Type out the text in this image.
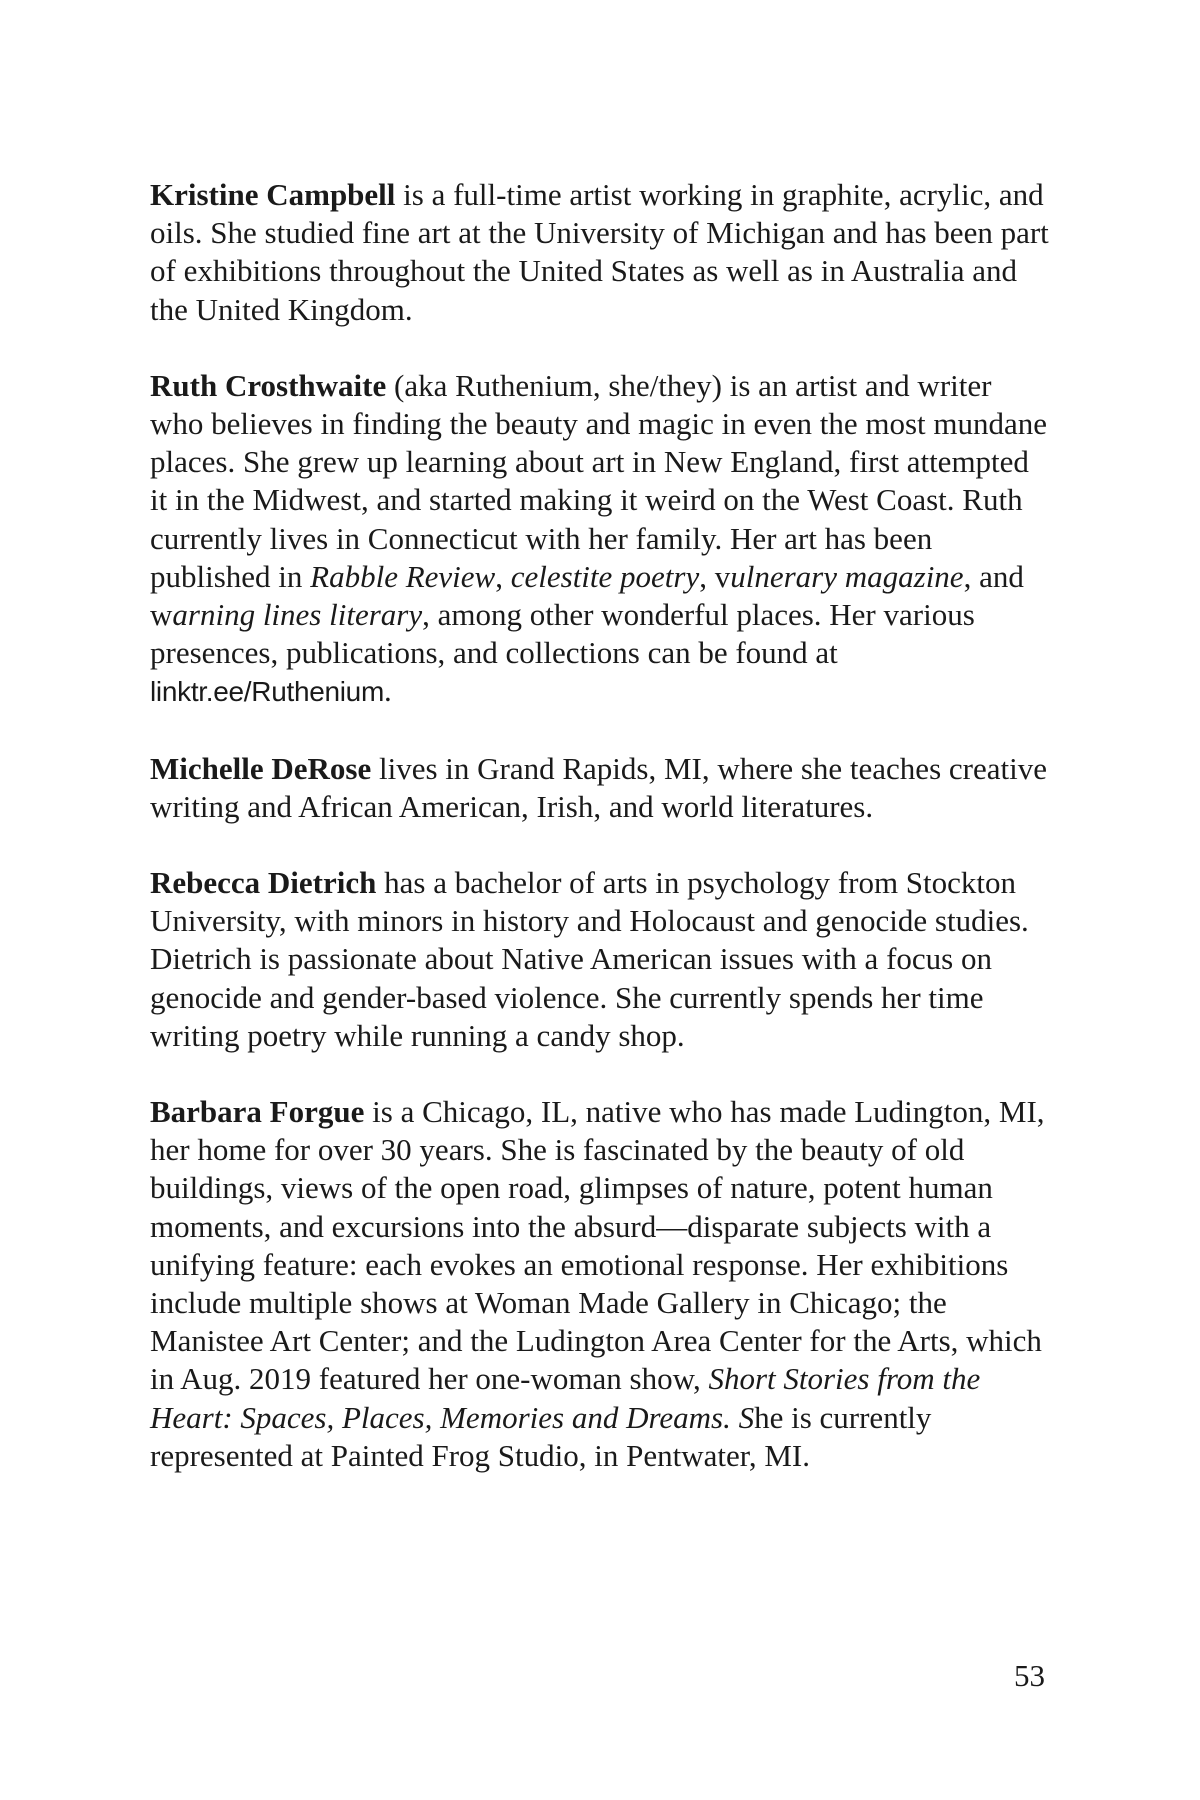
Kristine Campbell is a full-time artist working in graphite, acrylic, and oils. She studied fine art at the University of Michigan and has been part of exhibitions throughout the United States as well as in Australia and the United Kingdom.

Ruth Crosthwaite (aka Ruthenium, she/they) is an artist and writer who believes in finding the beauty and magic in even the most mundane places. She grew up learning about art in New England, first attempted it in the Midwest, and started making it weird on the West Coast. Ruth currently lives in Connecticut with her family. Her art has been published in Rabble Review, celestite poetry, vulnerary magazine, and warning lines literary, among other wonderful places. Her various presences, publications, and collections can be found at linktr.ee/Ruthenium.

Michelle DeRose lives in Grand Rapids, MI, where she teaches creative writing and African American, Irish, and world literatures.

Rebecca Dietrich has a bachelor of arts in psychology from Stockton University, with minors in history and Holocaust and genocide studies. Dietrich is passionate about Native American issues with a focus on genocide and gender-based violence. She currently spends her time writing poetry while running a candy shop.

Barbara Forgue is a Chicago, IL, native who has made Ludington, MI, her home for over 30 years. She is fascinated by the beauty of old buildings, views of the open road, glimpses of nature, potent human moments, and excursions into the absurd—disparate subjects with a unifying feature: each evokes an emotional response. Her exhibitions include multiple shows at Woman Made Gallery in Chicago; the Manistee Art Center; and the Ludington Area Center for the Arts, which in Aug. 2019 featured her one-woman show, Short Stories from the Heart: Spaces, Places, Memories and Dreams. She is currently represented at Painted Frog Studio, in Pentwater, MI.

53
